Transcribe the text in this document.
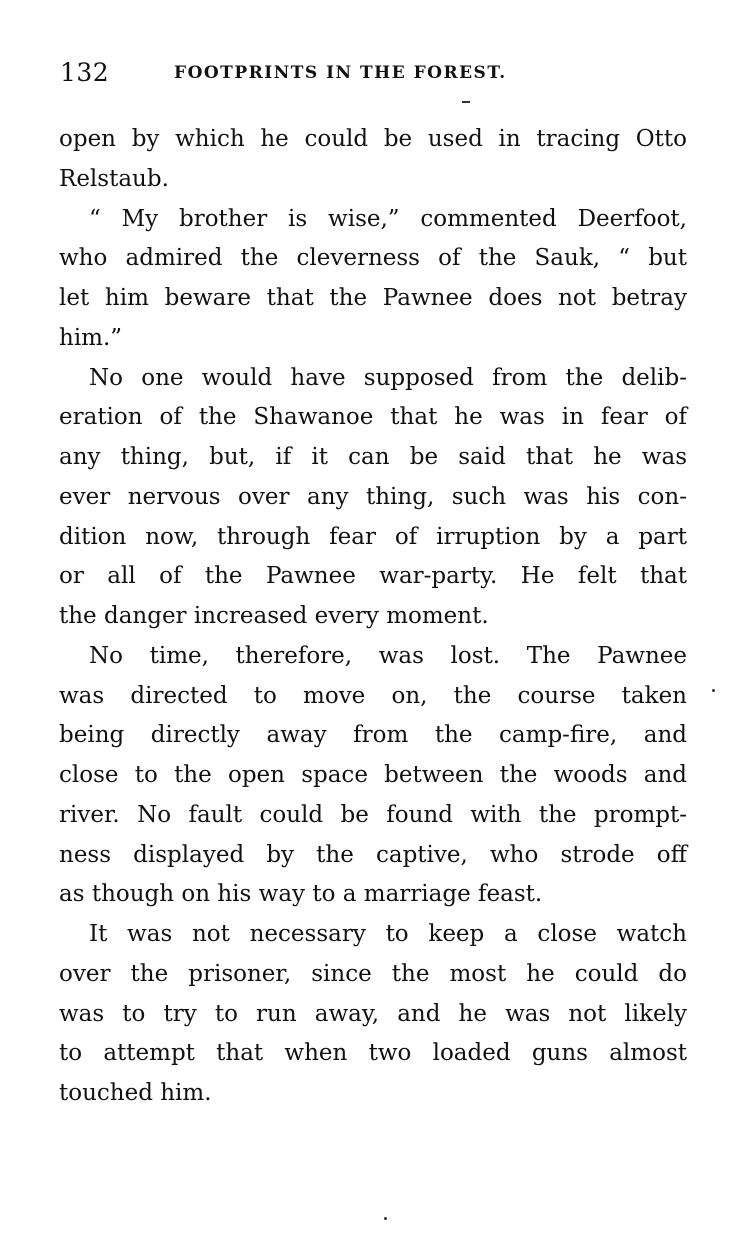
132	FOOTPRINTS IN THE FOREST.
open by which he could be used in tracing Otto
Relstaub.
“ My brother is wise,” commented Deerfoot,
who admired the cleverness of the Sauk, “ but
let him beware that the Pawnee does not betray
him.”
No one would have supposed from the delib-
eration of the Shawanoe that he was in fear of
any thing, but, if it can be said that he was
ever nervous over any thing, such was his con-
dition now, through fear of irruption by a part
or all of the Pawnee war-party. He felt that
the danger increased every moment.
No time, therefore, was lost. The Pawnee
was directed to move on, the course taken
being directly away from the camp-fire, and
close to the open space between the woods and
river. No fault could be found with the prompt-
ness displayed by the captive, who strode off
as though on his way to a marriage feast.
It was not necessary to keep a close watch
over the prisoner, since the most he could do
was to try to run away, and he was not likely
to attempt that when two loaded guns almost
touched him.
